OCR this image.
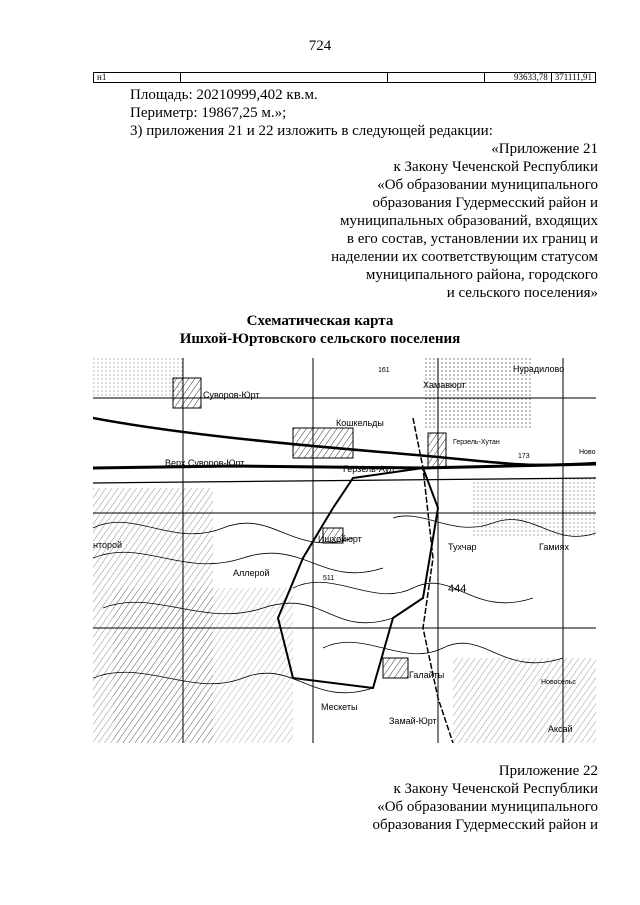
724
н1			93633,78	371111,91
Площадь: 20210999,402 кв.м.
Периметр: 19867,25 м.»;
3) приложения 21 и 22 изложить в следующей редакции:
«Приложение 21
к Закону Чеченской Республики
«Об образовании муниципального
образования Гудермесский район и
муниципальных образований, входящих
в его состав, установлении их границ и
наделении их соответствующим статусом
муниципального района, городского
и сельского поселения»
Схематическая карта
Ишхой-Юртовского сельского поселения
Суворов-Юрт
Верх Суворов-Юрт
Кошкельды
Хамавюрт
Нурадилово
Герзель-Аул
Герзель-Хутан
Ишхойюрт
Тухчар	Гамиях
Аллерой
нторой
Мескеты
Галайты
Замай-Юрт
Новосельс
Аксай
444
173
161
511
Ново
Приложение 22
к Закону Чеченской Республики
«Об образовании муниципального
образования Гудермесский район и
